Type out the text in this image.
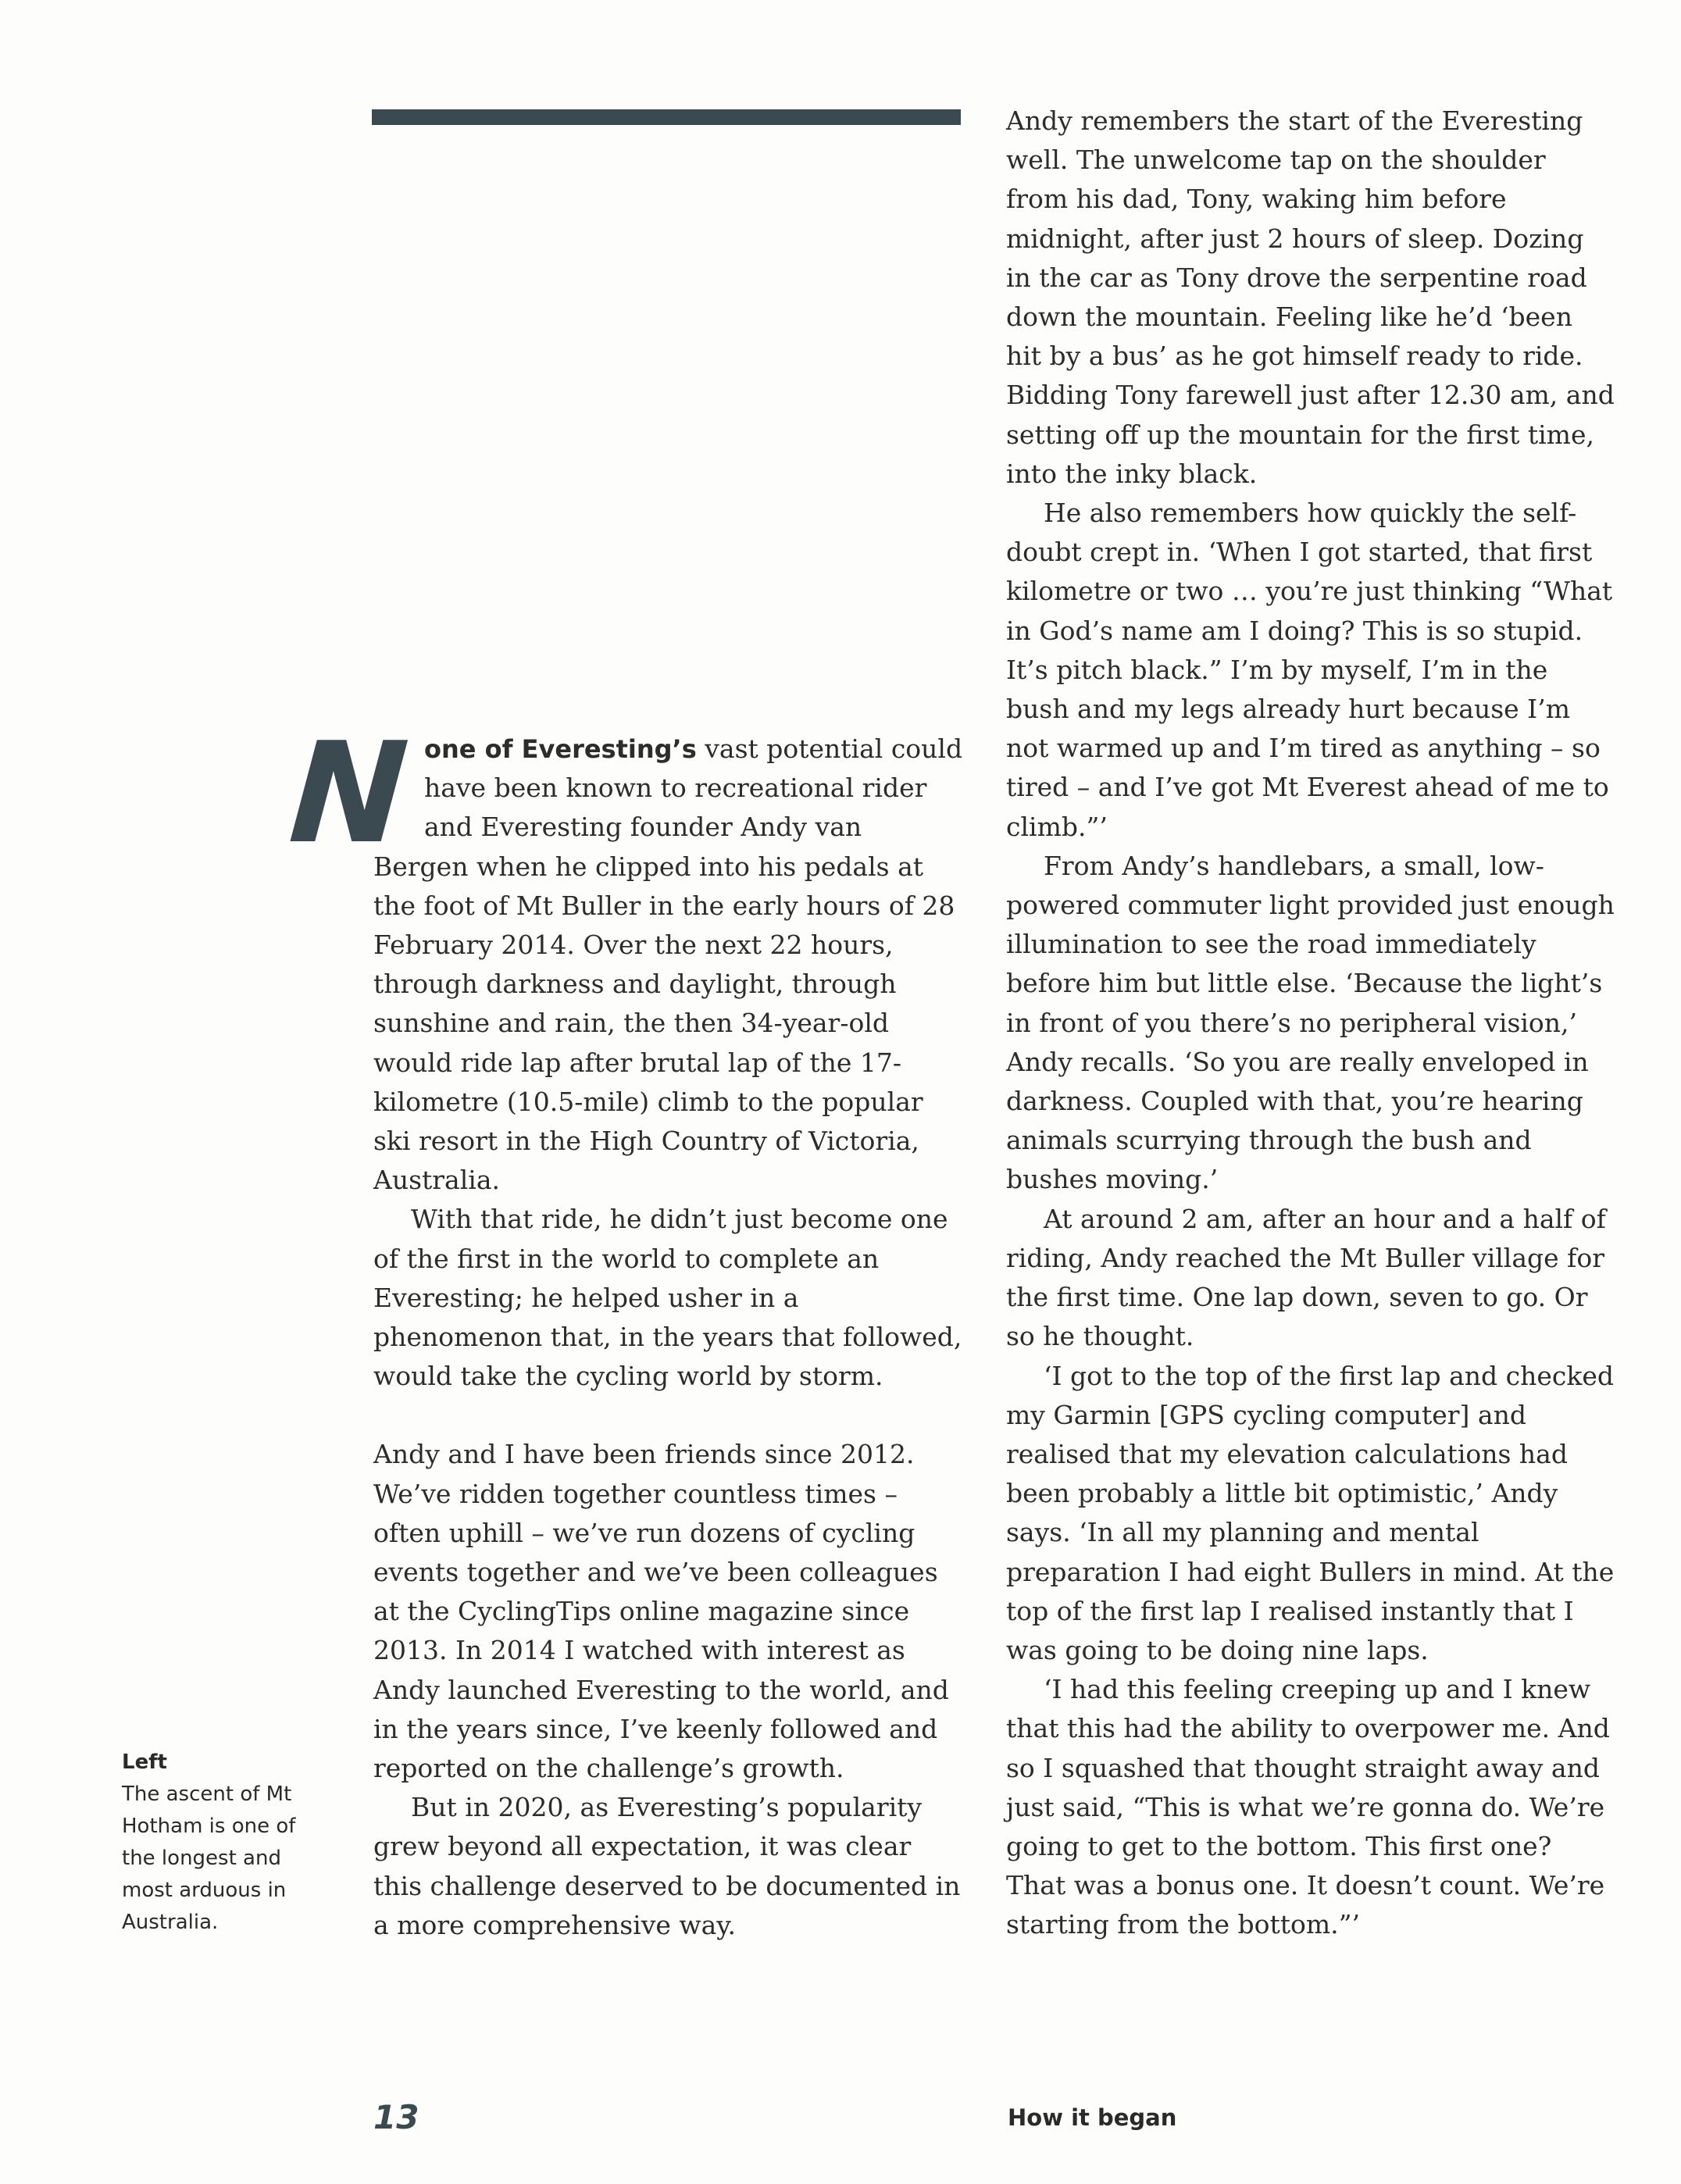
N one of Everesting’s vast potential could have been known to recreational rider and Everesting founder Andy van Bergen when he clipped into his pedals at the foot of Mt Buller in the early hours of 28 February 2014. Over the next 22 hours, through darkness and daylight, through sunshine and rain, the then 34-year-old would ride lap after brutal lap of the 17-kilometre (10.5-mile) climb to the popular ski resort in the High Country of Victoria, Australia.

With that ride, he didn’t just become one of the first in the world to complete an Everesting; he helped usher in a phenomenon that, in the years that followed, would take the cycling world by storm.

Andy and I have been friends since 2012. We’ve ridden together countless times – often uphill – we’ve run dozens of cycling events together and we’ve been colleagues at the CyclingTips online magazine since 2013. In 2014 I watched with interest as Andy launched Everesting to the world, and in the years since, I’ve keenly followed and reported on the challenge’s growth.

But in 2020, as Everesting’s popularity grew beyond all expectation, it was clear this challenge deserved to be documented in a more comprehensive way.

Andy remembers the start of the Everesting well. The unwelcome tap on the shoulder from his dad, Tony, waking him before midnight, after just 2 hours of sleep. Dozing in the car as Tony drove the serpentine road down the mountain. Feeling like he’d ‘been hit by a bus’ as he got himself ready to ride. Bidding Tony farewell just after 12.30 am, and setting off up the mountain for the first time, into the inky black.

He also remembers how quickly the self-doubt crept in. ‘When I got started, that first kilometre or two … you’re just thinking “What in God’s name am I doing? This is so stupid. It’s pitch black.” I’m by myself, I’m in the bush and my legs already hurt because I’m not warmed up and I’m tired as anything – so tired – and I’ve got Mt Everest ahead of me to climb.”’

From Andy’s handlebars, a small, low-powered commuter light provided just enough illumination to see the road immediately before him but little else. ‘Because the light’s in front of you there’s no peripheral vision,’ Andy recalls. ‘So you are really enveloped in darkness. Coupled with that, you’re hearing animals scurrying through the bush and bushes moving.’

At around 2 am, after an hour and a half of riding, Andy reached the Mt Buller village for the first time. One lap down, seven to go. Or so he thought.

‘I got to the top of the first lap and checked my Garmin [GPS cycling computer] and realised that my elevation calculations had been probably a little bit optimistic,’ Andy says. ‘In all my planning and mental preparation I had eight Bullers in mind. At the top of the first lap I realised instantly that I was going to be doing nine laps.

‘I had this feeling creeping up and I knew that this had the ability to overpower me. And so I squashed that thought straight away and just said, “This is what we’re gonna do. We’re going to get to the bottom. This first one? That was a bonus one. It doesn’t count. We’re starting from the bottom.”’

Left
The ascent of Mt Hotham is one of the longest and most arduous in Australia.
13	How it began
